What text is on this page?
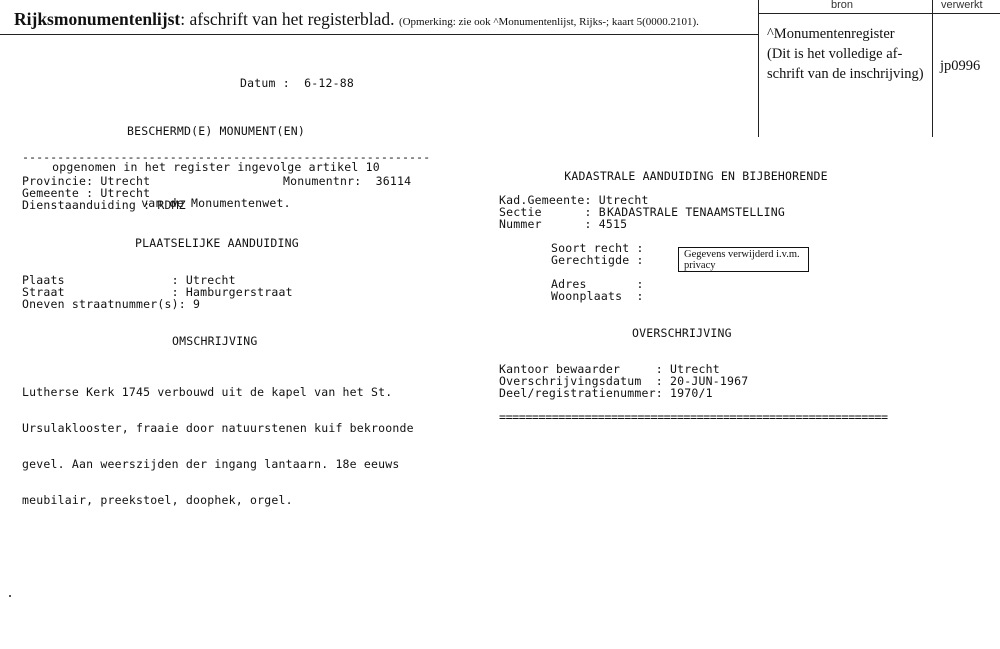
Rijksmonumentenlijst: afschrift van het registerblad. (Opmerking: zie ook ^Monumentenlijst, Rijks-; kaart 5(0000.2101).
bron	verwerkt
^Monumentenregister
(Dit is het volledige af-
schrift van de inschrijving) jp0996
Datum :  6-12-88

BESCHERMD(E) MONUMENT(EN)

opgenomen in het register ingevolge artikel 10

van de Monumentenwet.

----------------------------------------------------------
Provincie: Utrecht	Monumentnr:  36114
Gemeente : Utrecht
Dienstaanduiding : RDMZ
PLAATSELIJKE AANDUIDING
Plaats               : Utrecht
Straat               : Hamburgerstraat
Oneven straatnummer(s): 9
OMSCHRIJVING

Lutherse Kerk 1745 verbouwd uit de kapel van het St.

Ursulaklooster, fraaie door natuurstenen kuif bekroonde

gevel. Aan weerszijden der ingang lantaarn. 18e eeuws

meubilair, preekstoel, doophek, orgel.

KADASTRALE AANDUIDING EN BIJBEHORENDE

KADASTRALE TENAAMSTELLING

Kad.Gemeente: Utrecht
Sectie      : B
Nummer      : 4515
Soort recht :
Gerechtigde :	Gegevens verwijderd i.v.m. privacy
Adres       :
Woonplaats  :
OVERSCHRIJVING
Kantoor bewaarder     : Utrecht
Overschrijvingsdatum  : 20-JUN-1967
Deel/registratienummer: 1970/1
===========================================================
